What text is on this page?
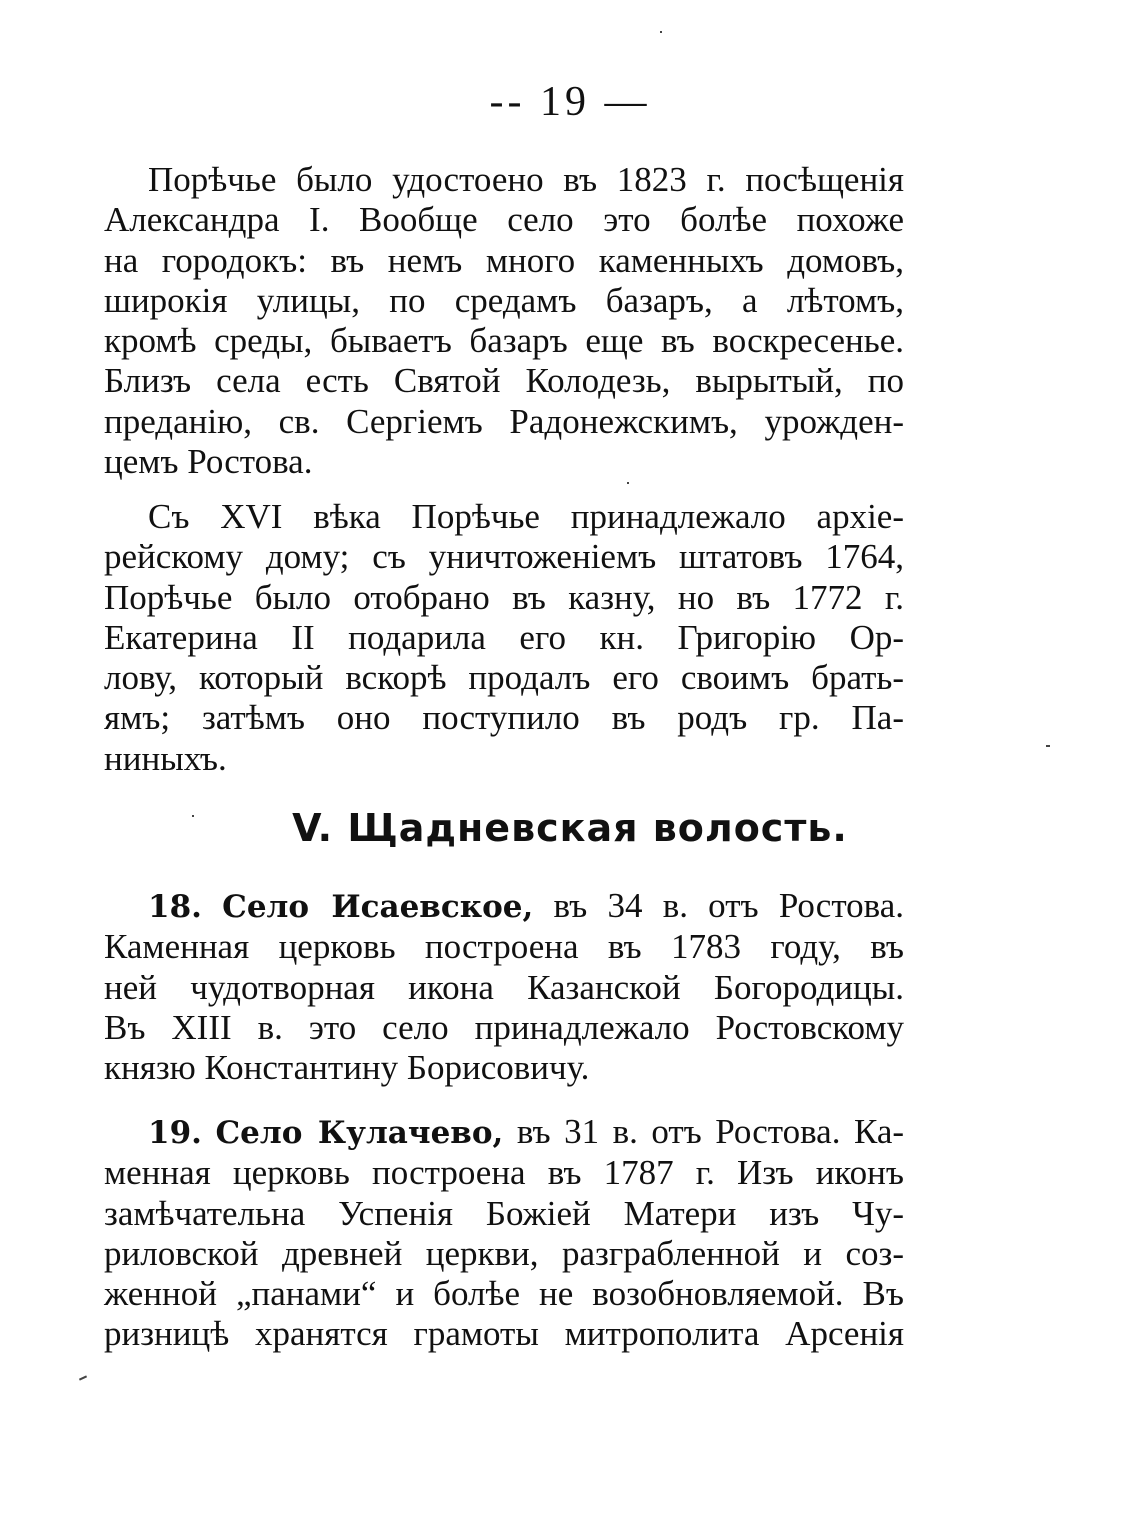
-- 19 —
Порѣчье было удостоено въ 1823 г. посѣщенія
Александра I. Вообще село это болѣе похоже
на городокъ: въ немъ много каменныхъ домовъ,
широкія улицы, по средамъ базаръ, а лѣтомъ,
кромѣ среды, бываетъ базаръ еще въ воскресенье.
Близъ села есть Святой Колодезь, вырытый, по
преданію, св. Сергіемъ Радонежскимъ, урожден-
цемъ Ростова.
Съ XVI вѣка Порѣчье принадлежало архіе-
рейскому дому; съ уничтоженіемъ штатовъ 1764,
Порѣчье было отобрано въ казну, но въ 1772 г.
Екатерина II подарила его кн. Григорію Ор-
лову, который вскорѣ продалъ его своимъ брать-
ямъ; затѣмъ оно поступило въ родъ гр. Па-
ниныхъ.
V. Щадневская волость.
18. Село Исаевское, въ 34 в. отъ Ростова.
Каменная церковь построена въ 1783 году, въ
ней чудотворная икона Казанской Богородицы.
Въ XIII в. это село принадлежало Ростовскому
князю Константину Борисовичу.
19. Село Кулачево, въ 31 в. отъ Ростова. Ка-
менная церковь построена въ 1787 г. Изъ иконъ
замѣчательна Успенія Божіей Матери изъ Чу-
риловской древней церкви, разграбленной и соз-
женной „панами“ и болѣе не возобновляемой. Въ
ризницѣ хранятся грамоты митрополита Арсенія
